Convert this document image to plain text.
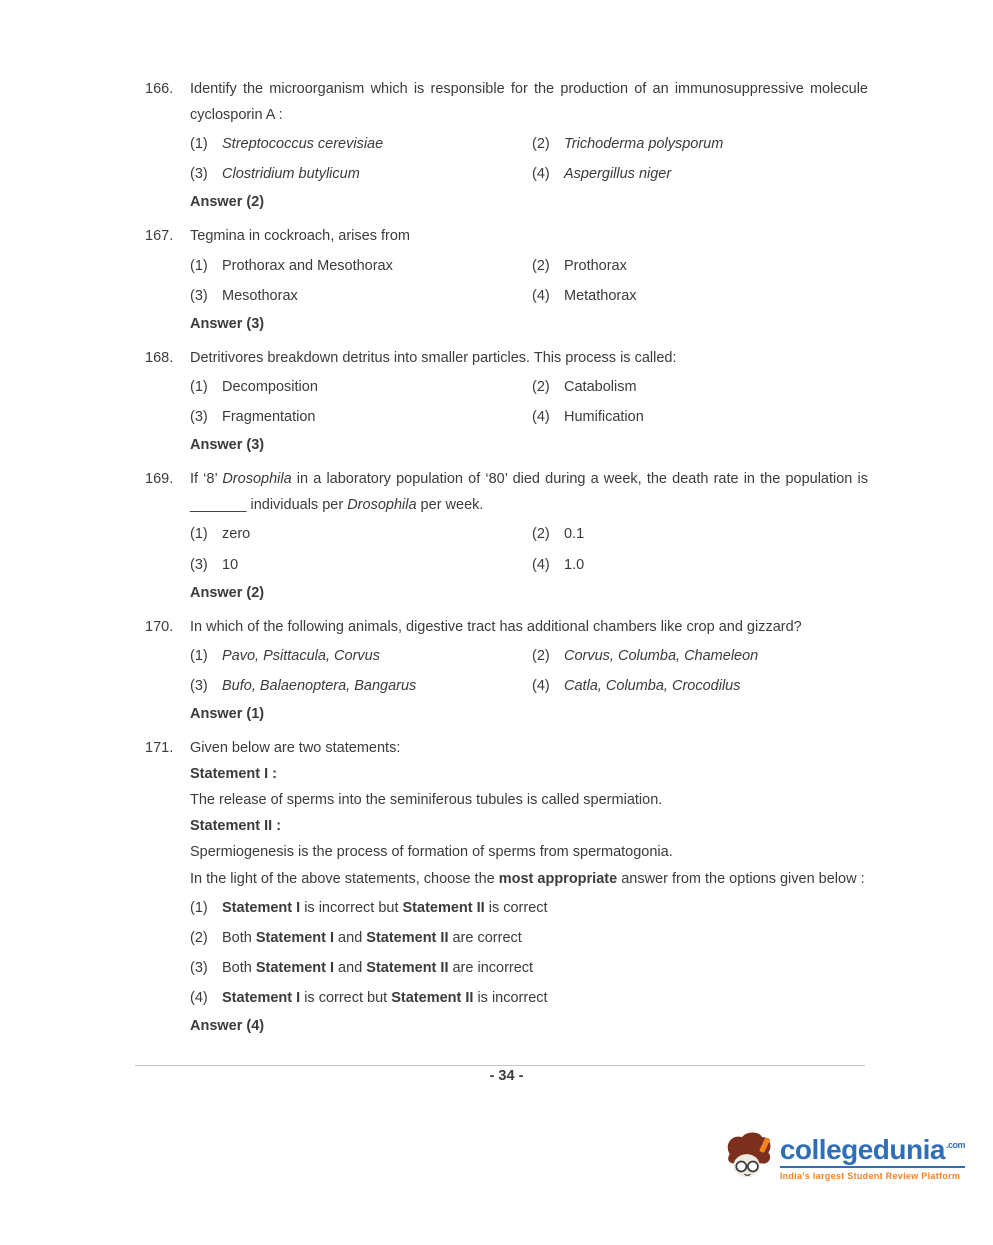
166.	Identify the microorganism which is responsible for the production of an immunosuppressive molecule cyclosporin A :
(1) Streptococcus cerevisiae	(2) Trichoderma polysporum
(3) Clostridium butylicum	(4) Aspergillus niger
Answer (2)
167.	Tegmina in cockroach, arises from
(1) Prothorax and Mesothorax	(2) Prothorax
(3) Mesothorax	(4) Metathorax
Answer (3)
168.	Detritivores breakdown detritus into smaller particles. This process is called:
(1) Decomposition	(2) Catabolism
(3) Fragmentation	(4) Humification
Answer (3)
169.	If ‘8’ Drosophila in a laboratory population of ‘80’ died during a week, the death rate in the population is _______ individuals per Drosophila per week.
(1) zero	(2) 0.1
(3) 10	(4) 1.0
Answer (2)
170.	In which of the following animals, digestive tract has additional chambers like crop and gizzard?
(1) Pavo, Psittacula, Corvus	(2) Corvus, Columba, Chameleon
(3) Bufo, Balaenoptera, Bangarus	(4) Catla, Columba, Crocodilus
Answer (1)
171.	Given below are two statements:
Statement I :
The release of sperms into the seminiferous tubules is called spermiation.
Statement II :
Spermiogenesis is the process of formation of sperms from spermatogonia.
In the light of the above statements, choose the most appropriate answer from the options given below :
(1) Statement I is incorrect but Statement II is correct
(2) Both Statement I and Statement II are correct
(3) Both Statement I and Statement II are incorrect
(4) Statement I is correct but Statement II is incorrect
Answer (4)
- 34 -
collegedunia$^{.com}$
India's largest Student Review Platform
